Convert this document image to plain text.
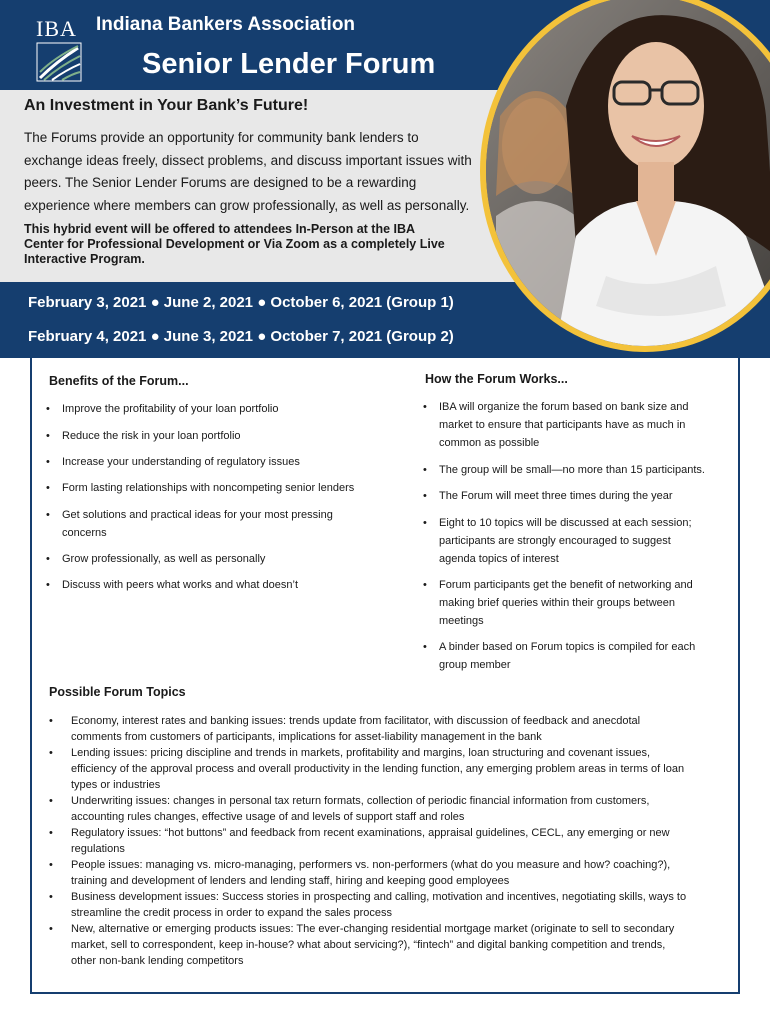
IBA	Indiana Bankers Association
Senior Lender Forum
An Investment in Your Bank’s Future!
The Forums provide an opportunity for community bank lenders to
exchange ideas freely, dissect problems, and discuss important issues with
peers. The Senior Lender Forums are designed to be a rewarding
experience where members can grow professionally, as well as personally.
This hybrid event will be offered to attendees In-Person at the IBA
Center for Professional Development or Via Zoom as a completely Live
Interactive Program.
February 3, 2021 ● June 2, 2021 ● October 6, 2021 (Group 1)
February 4, 2021 ● June 3, 2021 ● October 7, 2021 (Group 2)
Benefits of the Forum...
• Improve the profitability of your loan portfolio
• Reduce the risk in your loan portfolio
• Increase your understanding of regulatory issues
• Form lasting relationships with noncompeting senior lenders
• Get solutions and practical ideas for your most pressing
concerns
• Grow professionally, as well as personally
• Discuss with peers what works and what doesn’t
How the Forum Works...
• IBA will organize the forum based on bank size and
market to ensure that participants have as much in
common as possible
• The group will be small—no more than 15 participants.
• The Forum will meet three times during the year
• Eight to 10 topics will be discussed at each session;
participants are strongly encouraged to suggest
agenda topics of interest
• Forum participants get the benefit of networking and
making brief queries within their groups between
meetings
• A binder based on Forum topics is compiled for each
group member
Possible Forum Topics
• Economy, interest rates and banking issues: trends update from facilitator, with discussion of feedback and anecdotal
comments from customers of participants, implications for asset-liability management in the bank
• Lending issues: pricing discipline and trends in markets, profitability and margins, loan structuring and covenant issues,
efficiency of the approval process and overall productivity in the lending function, any emerging problem areas in terms of loan
types or industries
• Underwriting issues: changes in personal tax return formats, collection of periodic financial information from customers,
accounting rules changes, effective usage of and levels of support staff and roles
• Regulatory issues: “hot buttons” and feedback from recent examinations, appraisal guidelines, CECL, any emerging or new
regulations
• People issues: managing vs. micro-managing, performers vs. non-performers (what do you measure and how? coaching?),
training and development of lenders and lending staff, hiring and keeping good employees
• Business development issues: Success stories in prospecting and calling, motivation and incentives, negotiating skills, ways to
streamline the credit process in order to expand the sales process
• New, alternative or emerging products issues: The ever-changing residential mortgage market (originate to sell to secondary
market, sell to correspondent, keep in-house? what about servicing?), “fintech” and digital banking competition and trends,
other non-bank lending competitors
